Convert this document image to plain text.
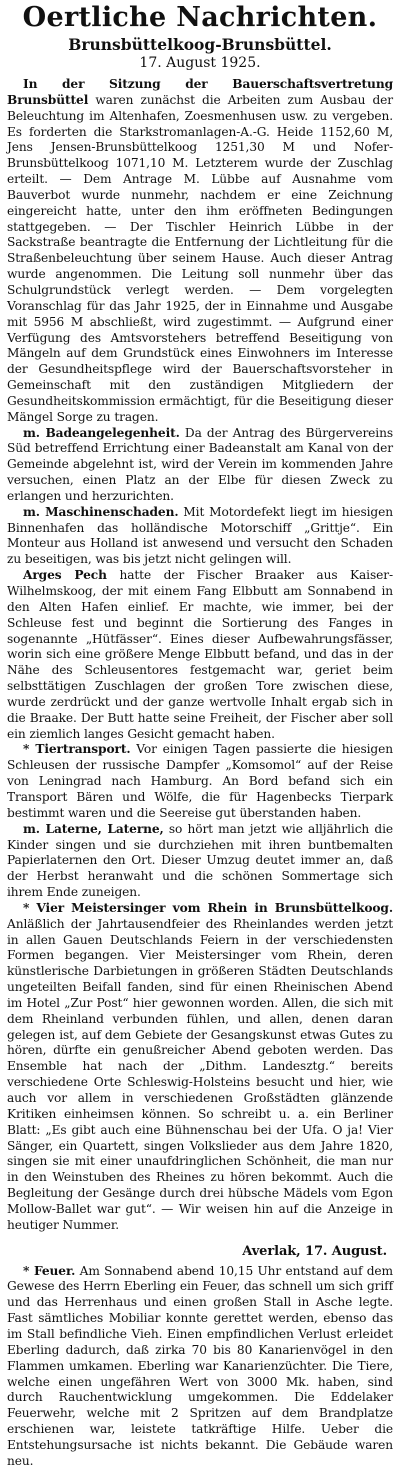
Oertliche Nachrichten.
Brunsbüttelkoog-Brunsbüttel.
17. August 1925.

In der Sitzung der Bauerschaftsvertretung Brunsbüttel waren zunächst die Arbeiten zum Ausbau der Beleuchtung im Altenhafen, Zoesmenhusen usw. zu vergeben. Es forderten die Starkstromanlagen-A.-G. Heide 1152,60 M, Jens Jensen-Brunsbüttelkoog 1251,30 M und Nofer-Brunsbüttelkoog 1071,10 M. Letzterem wurde der Zuschlag erteilt. — Dem Antrage M. Lübbe auf Ausnahme vom Bauverbot wurde nunmehr, nachdem er eine Zeichnung eingereicht hatte, unter den ihm eröffneten Bedingungen stattgegeben. — Der Tischler Heinrich Lübbe in der Sackstraße beantragte die Entfernung der Lichtleitung für die Straßenbeleuchtung über seinem Hause. Auch dieser Antrag wurde angenommen. Die Leitung soll nunmehr über das Schulgrundstück verlegt werden. — Dem vorgelegten Voranschlag für das Jahr 1925, der in Einnahme und Ausgabe mit 5956 M abschließt, wird zugestimmt. — Aufgrund einer Verfügung des Amtsvorstehers betreffend Beseitigung von Mängeln auf dem Grundstück eines Einwohners im Interesse der Gesundheitspflege wird der Bauerschaftsvorsteher in Gemeinschaft mit den zuständigen Mitgliedern der Gesundheitskommission ermächtigt, für die Beseitigung dieser Mängel Sorge zu tragen.

m. Badeangelegenheit. Da der Antrag des Bürgervereins Süd betreffend Errichtung einer Badeanstalt am Kanal von der Gemeinde abgelehnt ist, wird der Verein im kommenden Jahre versuchen, einen Platz an der Elbe für diesen Zweck zu erlangen und herzurichten.

m. Maschinenschaden. Mit Motordefekt liegt im hiesigen Binnenhafen das holländische Motorschiff „Grittje“. Ein Monteur aus Holland ist anwesend und versucht den Schaden zu beseitigen, was bis jetzt nicht gelingen will.

Arges Pech hatte der Fischer Braaker aus Kaiser-Wilhelmskoog, der mit einem Fang Elbbutt am Sonnabend in den Alten Hafen einlief. Er machte, wie immer, bei der Schleuse fest und beginnt die Sortierung des Fanges in sogenannte „Hütfässer“. Eines dieser Aufbewahrungsfässer, worin sich eine größere Menge Elbbutt befand, und das in der Nähe des Schleusentores festgemacht war, geriet beim selbsttätigen Zuschlagen der großen Tore zwischen diese, wurde zerdrückt und der ganze wertvolle Inhalt ergab sich in die Braake. Der Butt hatte seine Freiheit, der Fischer aber soll ein ziemlich langes Gesicht gemacht haben.

* Tiertransport. Vor einigen Tagen passierte die hiesigen Schleusen der russische Dampfer „Komsomol“ auf der Reise von Leningrad nach Hamburg. An Bord befand sich ein Transport Bären und Wölfe, die für Hagenbecks Tierpark bestimmt waren und die Seereise gut überstanden haben.

m. Laterne, Laterne, so hört man jetzt wie alljährlich die Kinder singen und sie durchziehen mit ihren buntbemalten Papierlaternen den Ort. Dieser Umzug deutet immer an, daß der Herbst heranwaht und die schönen Sommertage sich ihrem Ende zuneigen.

* Vier Meistersinger vom Rhein in Brunsbüttelkoog. Anläßlich der Jahrtausendfeier des Rheinlandes werden jetzt in allen Gauen Deutschlands Feiern in der verschiedensten Formen begangen. Vier Meistersinger vom Rhein, deren künstlerische Darbietungen in größeren Städten Deutschlands ungeteilten Beifall fanden, sind für einen Rheinischen Abend im Hotel „Zur Post“ hier gewonnen worden. Allen, die sich mit dem Rheinland verbunden fühlen, und allen, denen daran gelegen ist, auf dem Gebiete der Gesangskunst etwas Gutes zu hören, dürfte ein genußreicher Abend geboten werden. Das Ensemble hat nach der „Dithm. Landesztg.“ bereits verschiedene Orte Schleswig-Holsteins besucht und hier, wie auch vor allem in verschiedenen Großstädten glänzende Kritiken einheimsen können. So schreibt u. a. ein Berliner Blatt: „Es gibt auch eine Bühnenschau bei der Ufa. O ja! Vier Sänger, ein Quartett, singen Volkslieder aus dem Jahre 1820, singen sie mit einer unaufdringlichen Schönheit, die man nur in den Weinstuben des Rheines zu hören bekommt. Auch die Begleitung der Gesänge durch drei hübsche Mädels vom Egon Mollow-Ballet war gut“. — Wir weisen hin auf die Anzeige in heutiger Nummer.

Averlak, 17. August.

* Feuer. Am Sonnabend abend 10,15 Uhr entstand auf dem Gewese des Herrn Eberling ein Feuer, das schnell um sich griff und das Herrenhaus und einen großen Stall in Asche legte. Fast sämtliches Mobiliar konnte gerettet werden, ebenso das im Stall befindliche Vieh. Einen empfindlichen Verlust erleidet Eberling dadurch, daß zirka 70 bis 80 Kanarienvögel in den Flammen umkamen. Eberling war Kanarienzüchter. Die Tiere, welche einen ungefähren Wert von 3000 Mk. haben, sind durch Rauchentwicklung umgekommen. Die Eddelaker Feuerwehr, welche mit 2 Spritzen auf dem Brandplatze erschienen war, leistete tatkräftige Hilfe. Ueber die Entstehungsursache ist nichts bekannt. Die Gebäude waren neu.
